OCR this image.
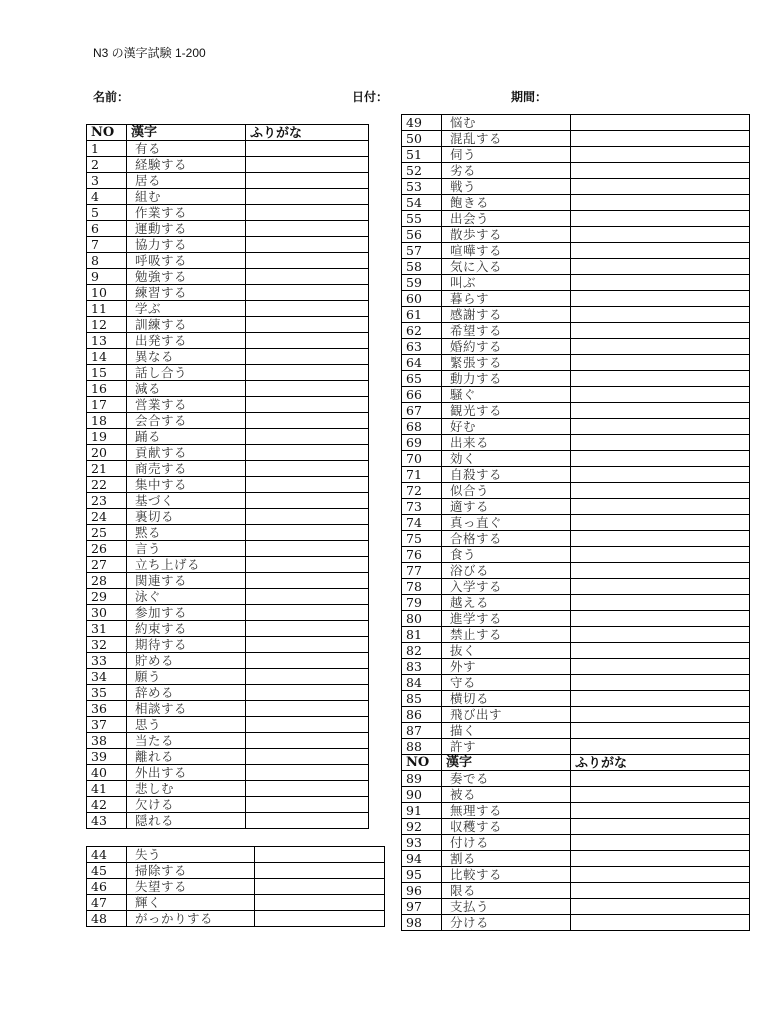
N3 の漢字試験 1-200
名前：	日付：	期間：
NO	漢字	ふりがな
1	有る	
2	経験する	
3	居る	
4	組む	
5	作業する	
6	運動する	
7	協力する	
8	呼吸する	
9	勉強する	
10	練習する	
11	学ぶ	
12	訓練する	
13	出発する	
14	異なる	
15	話し合う	
16	減る	
17	営業する	
18	会合する	
19	踊る	
20	貢献する	
21	商売する	
22	集中する	
23	基づく	
24	裏切る	
25	黙る	
26	言う	
27	立ち上げる	
28	関連する	
29	泳ぐ	
30	参加する	
31	約束する	
32	期待する	
33	貯める	
34	願う	
35	辞める	
36	相談する	
37	思う	
38	当たる	
39	離れる	
40	外出する	
41	悲しむ	
42	欠ける	
43	隠れる	
44	失う	
45	掃除する	
46	失望する	
47	輝く	
48	がっかりする	
49	悩む	
50	混乱する	
51	伺う	
52	劣る	
53	戦う	
54	飽きる	
55	出会う	
56	散歩する	
57	喧嘩する	
58	気に入る	
59	叫ぶ	
60	暮らす	
61	感謝する	
62	希望する	
63	婚約する	
64	緊張する	
65	動力する	
66	騒ぐ	
67	観光する	
68	好む	
69	出来る	
70	効く	
71	自殺する	
72	似合う	
73	適する	
74	真っ直ぐ	
75	合格する	
76	食う	
77	浴びる	
78	入学する	
79	越える	
80	進学する	
81	禁止する	
82	抜く	
83	外す	
84	守る	
85	横切る	
86	飛び出す	
87	描く	
88	許す	
NO	漢字	ふりがな
89	奏でる	
90	被る	
91	無理する	
92	収穫する	
93	付ける	
94	割る	
95	比較する	
96	限る	
97	支払う	
98	分ける	
